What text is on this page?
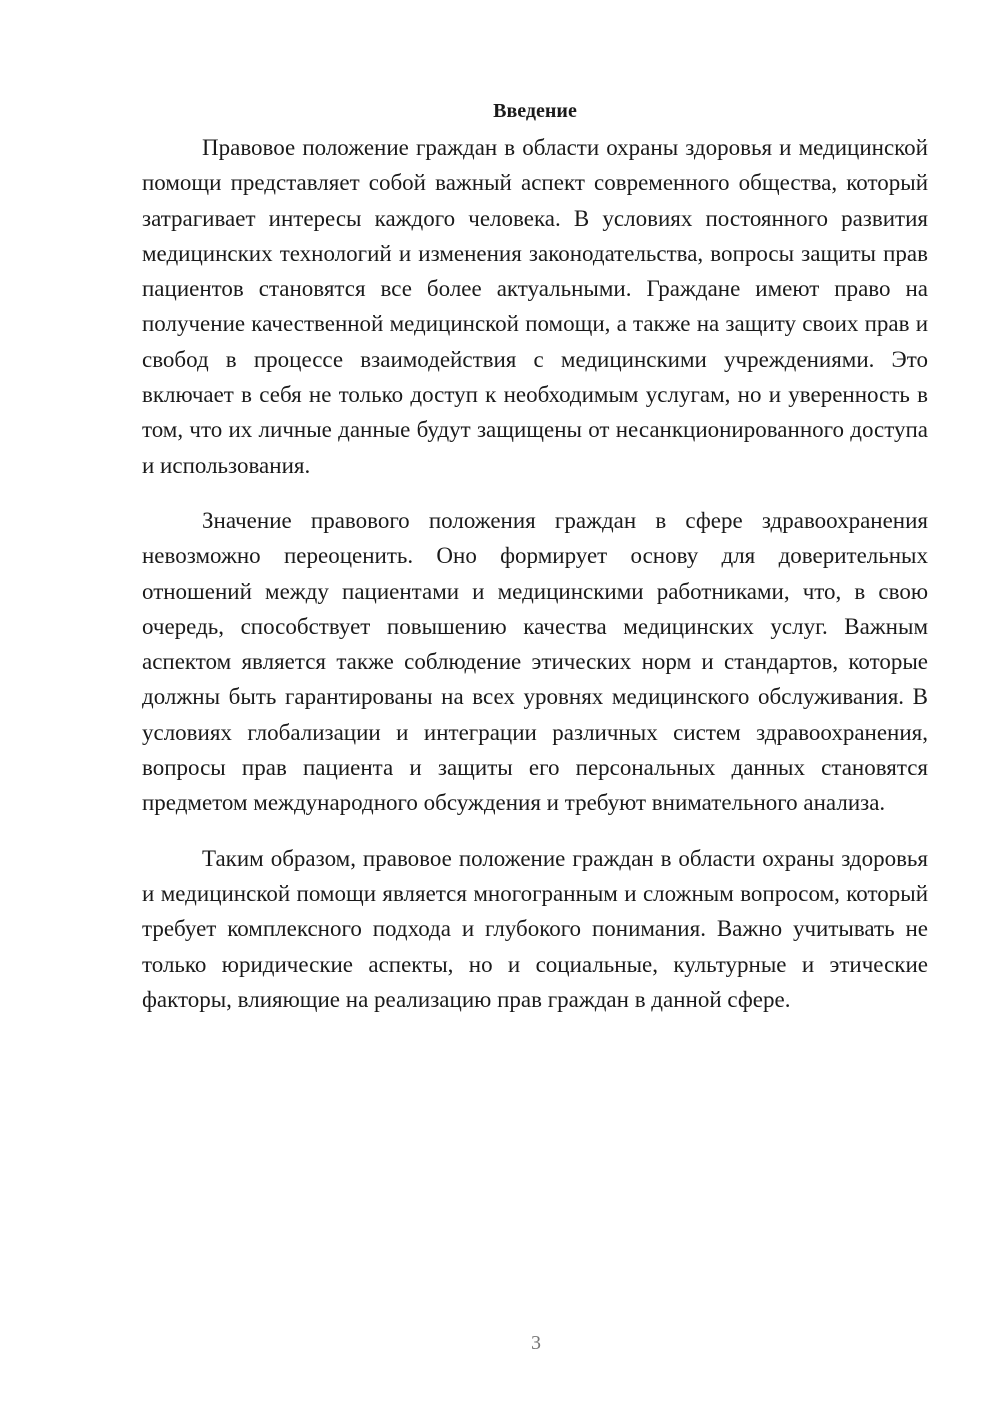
Введение

Правовое положение граждан в области охраны здоровья и медицинской помощи представляет собой важный аспект современного общества, который затрагивает интересы каждого человека. В условиях постоянного развития медицинских технологий и изменения законодательства, вопросы защиты прав пациентов становятся все более актуальными. Граждане имеют право на получение качественной медицинской помощи, а также на защиту своих прав и свобод в процессе взаимодействия с медицинскими учреждениями. Это включает в себя не только доступ к необходимым услугам, но и уверенность в том, что их личные данные будут защищены от несанкционированного доступа и использования.

Значение правового положения граждан в сфере здравоохранения невозможно переоценить. Оно формирует основу для доверительных отношений между пациентами и медицинскими работниками, что, в свою очередь, способствует повышению качества медицинских услуг. Важным аспектом является также соблюдение этических норм и стандартов, которые должны быть гарантированы на всех уровнях медицинского обслуживания. В условиях глобализации и интеграции различных систем здравоохранения, вопросы прав пациента и защиты его персональных данных становятся предметом международного обсуждения и требуют внимательного анализа.

Таким образом, правовое положение граждан в области охраны здоровья и медицинской помощи является многогранным и сложным вопросом, который требует комплексного подхода и глубокого понимания. Важно учитывать не только юридические аспекты, но и социальные, культурные и этические факторы, влияющие на реализацию прав граждан в данной сфере.

3
